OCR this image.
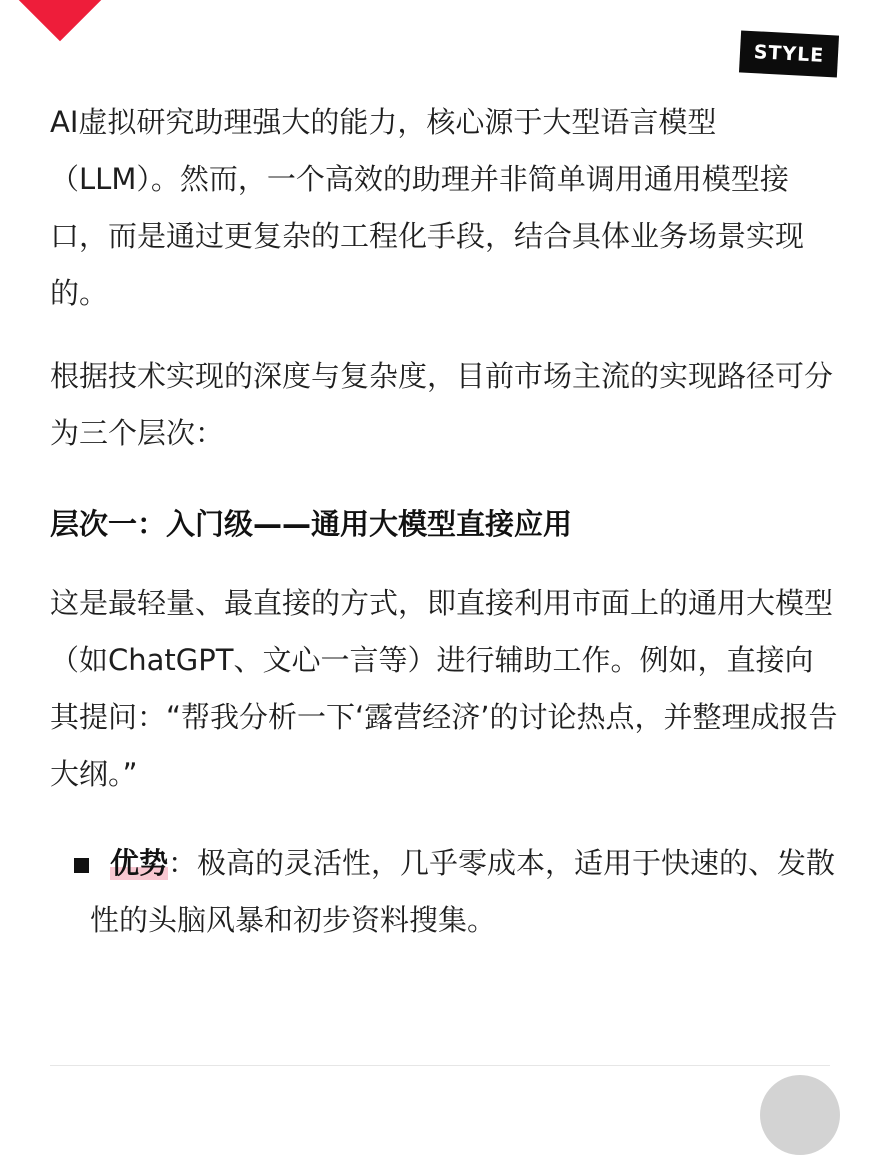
STYLE

AI虚拟研究助理强大的能力，核心源于大型语言模型（LLM）。然而，一个高效的助理并非简单调用通用模型接口，而是通过更复杂的工程化手段，结合具体业务场景实现的。

根据技术实现的深度与复杂度，目前市场主流的实现路径可分为三个层次：

层次一：入门级——通用大模型直接应用

这是最轻量、最直接的方式，即直接利用市面上的通用大模型（如ChatGPT、文心一言等）进行辅助工作。例如，直接向其提问：“帮我分析一下‘露营经济’的讨论热点，并整理成报告大纲。”

优势：极高的灵活性，几乎零成本，适用于快速的、发散性的头脑风暴和初步资料搜集。
